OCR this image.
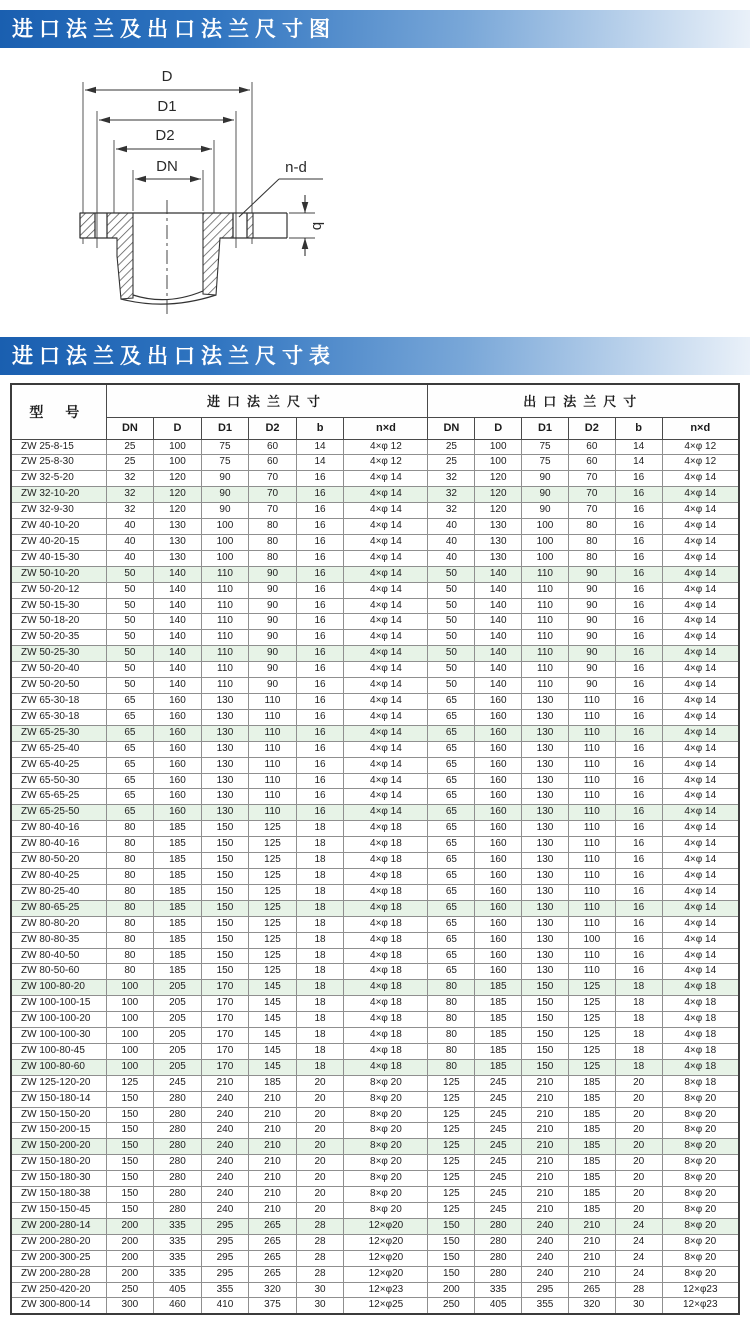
进口法兰及出口法兰尺寸图
D
D1
D2
DN	n-d
b
进口法兰及出口法兰尺寸表
型 号	进口法兰尺寸						出口法兰尺寸					
	DN	D	D1	D2	b	n×d	DN	D	D1	D2	b	n×d
ZW 25-8-15	25	100	75	60	14	4×φ 12	25	100	75	60	14	4×φ 12
ZW 25-8-30	25	100	75	60	14	4×φ 12	25	100	75	60	14	4×φ 12
ZW 32-5-20	32	120	90	70	16	4×φ 14	32	120	90	70	16	4×φ 14
ZW 32-10-20	32	120	90	70	16	4×φ 14	32	120	90	70	16	4×φ 14
ZW 32-9-30	32	120	90	70	16	4×φ 14	32	120	90	70	16	4×φ 14
ZW 40-10-20	40	130	100	80	16	4×φ 14	40	130	100	80	16	4×φ 14
ZW 40-20-15	40	130	100	80	16	4×φ 14	40	130	100	80	16	4×φ 14
ZW 40-15-30	40	130	100	80	16	4×φ 14	40	130	100	80	16	4×φ 14
ZW 50-10-20	50	140	110	90	16	4×φ 14	50	140	110	90	16	4×φ 14
ZW 50-20-12	50	140	110	90	16	4×φ 14	50	140	110	90	16	4×φ 14
ZW 50-15-30	50	140	110	90	16	4×φ 14	50	140	110	90	16	4×φ 14
ZW 50-18-20	50	140	110	90	16	4×φ 14	50	140	110	90	16	4×φ 14
ZW 50-20-35	50	140	110	90	16	4×φ 14	50	140	110	90	16	4×φ 14
ZW 50-25-30	50	140	110	90	16	4×φ 14	50	140	110	90	16	4×φ 14
ZW 50-20-40	50	140	110	90	16	4×φ 14	50	140	110	90	16	4×φ 14
ZW 50-20-50	50	140	110	90	16	4×φ 14	50	140	110	90	16	4×φ 14
ZW 65-30-18	65	160	130	110	16	4×φ 14	65	160	130	110	16	4×φ 14
ZW 65-30-18	65	160	130	110	16	4×φ 14	65	160	130	110	16	4×φ 14
ZW 65-25-30	65	160	130	110	16	4×φ 14	65	160	130	110	16	4×φ 14
ZW 65-25-40	65	160	130	110	16	4×φ 14	65	160	130	110	16	4×φ 14
ZW 65-40-25	65	160	130	110	16	4×φ 14	65	160	130	110	16	4×φ 14
ZW 65-50-30	65	160	130	110	16	4×φ 14	65	160	130	110	16	4×φ 14
ZW 65-65-25	65	160	130	110	16	4×φ 14	65	160	130	110	16	4×φ 14
ZW 65-25-50	65	160	130	110	16	4×φ 14	65	160	130	110	16	4×φ 14
ZW 80-40-16	80	185	150	125	18	4×φ 18	65	160	130	110	16	4×φ 14
ZW 80-40-16	80	185	150	125	18	4×φ 18	65	160	130	110	16	4×φ 14
ZW 80-50-20	80	185	150	125	18	4×φ 18	65	160	130	110	16	4×φ 14
ZW 80-40-25	80	185	150	125	18	4×φ 18	65	160	130	110	16	4×φ 14
ZW 80-25-40	80	185	150	125	18	4×φ 18	65	160	130	110	16	4×φ 14
ZW 80-65-25	80	185	150	125	18	4×φ 18	65	160	130	110	16	4×φ 14
ZW 80-80-20	80	185	150	125	18	4×φ 18	65	160	130	110	16	4×φ 14
ZW 80-80-35	80	185	150	125	18	4×φ 18	65	160	130	100	16	4×φ 14
ZW 80-40-50	80	185	150	125	18	4×φ 18	65	160	130	110	16	4×φ 14
ZW 80-50-60	80	185	150	125	18	4×φ 18	65	160	130	110	16	4×φ 14
ZW 100-80-20	100	205	170	145	18	4×φ 18	80	185	150	125	18	4×φ 18
ZW 100-100-15	100	205	170	145	18	4×φ 18	80	185	150	125	18	4×φ 18
ZW 100-100-20	100	205	170	145	18	4×φ 18	80	185	150	125	18	4×φ 18
ZW 100-100-30	100	205	170	145	18	4×φ 18	80	185	150	125	18	4×φ 18
ZW 100-80-45	100	205	170	145	18	4×φ 18	80	185	150	125	18	4×φ 18
ZW 100-80-60	100	205	170	145	18	4×φ 18	80	185	150	125	18	4×φ 18
ZW 125-120-20	125	245	210	185	20	8×φ 20	125	245	210	185	20	8×φ 18
ZW 150-180-14	150	280	240	210	20	8×φ 20	125	245	210	185	20	8×φ 20
ZW 150-150-20	150	280	240	210	20	8×φ 20	125	245	210	185	20	8×φ 20
ZW 150-200-15	150	280	240	210	20	8×φ 20	125	245	210	185	20	8×φ 20
ZW 150-200-20	150	280	240	210	20	8×φ 20	125	245	210	185	20	8×φ 20
ZW 150-180-20	150	280	240	210	20	8×φ 20	125	245	210	185	20	8×φ 20
ZW 150-180-30	150	280	240	210	20	8×φ 20	125	245	210	185	20	8×φ 20
ZW 150-180-38	150	280	240	210	20	8×φ 20	125	245	210	185	20	8×φ 20
ZW 150-150-45	150	280	240	210	20	8×φ 20	125	245	210	185	20	8×φ 20
ZW 200-280-14	200	335	295	265	28	12×φ20	150	280	240	210	24	8×φ 20
ZW 200-280-20	200	335	295	265	28	12×φ20	150	280	240	210	24	8×φ 20
ZW 200-300-25	200	335	295	265	28	12×φ20	150	280	240	210	24	8×φ 20
ZW 200-280-28	200	335	295	265	28	12×φ20	150	280	240	210	24	8×φ 20
ZW 250-420-20	250	405	355	320	30	12×φ23	200	335	295	265	28	12×φ23
ZW 300-800-14	300	460	410	375	30	12×φ25	250	405	355	320	30	12×φ23
